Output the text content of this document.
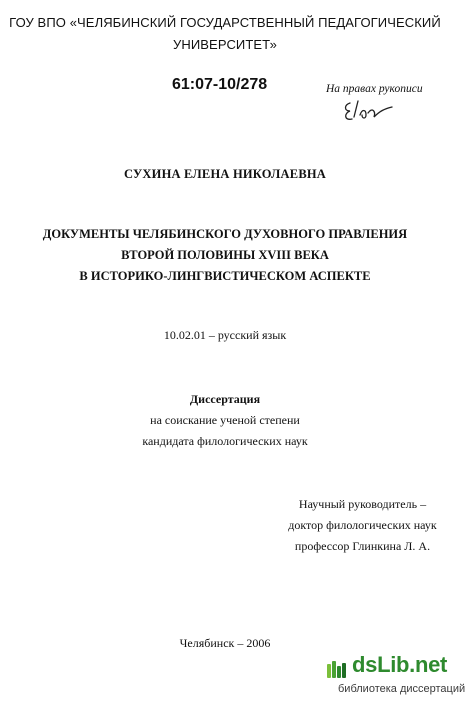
ГОУ ВПО «ЧЕЛЯБИНСКИЙ ГОСУДАРСТВЕННЫЙ ПЕДАГОГИЧЕСКИЙ
УНИВЕРСИТЕТ»
61:07-10/278	На правах рукописи
СУХИНА ЕЛЕНА НИКОЛАЕВНА
ДОКУМЕНТЫ ЧЕЛЯБИНСКОГО ДУХОВНОГО ПРАВЛЕНИЯ
ВТОРОЙ ПОЛОВИНЫ XVIII ВЕКА
В ИСТОРИКО-ЛИНГВИСТИЧЕСКОМ АСПЕКТЕ
10.02.01 – русский язык
Диссертация
на соискание ученой степени
кандидата филологических наук
Научный руководитель –
доктор филологических наук
профессор Глинкина Л. А.
Челябинск – 2006
dsLib.net
библиотека диссертаций
